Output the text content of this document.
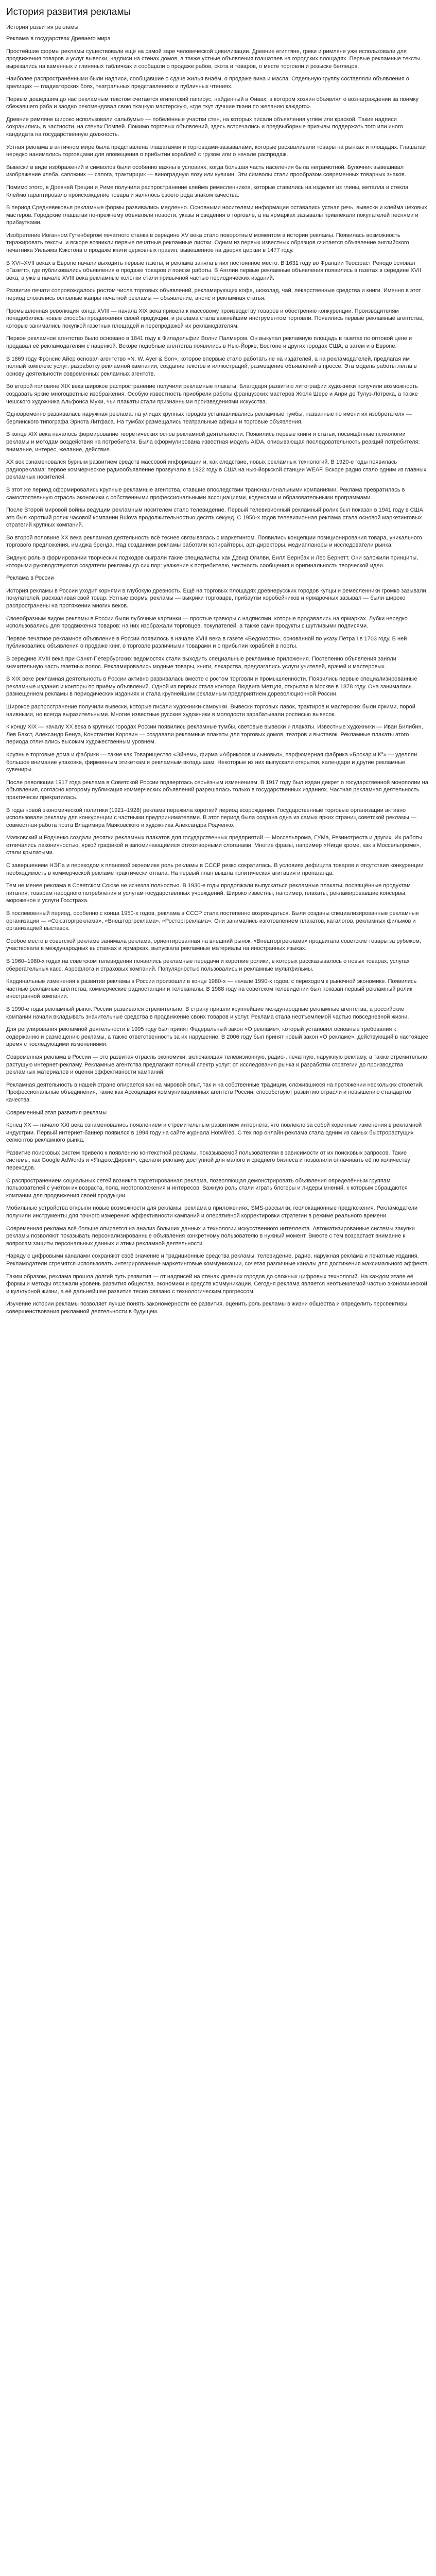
История развития рекламы
История развития рекламы

Реклама в государствах Древнего мира

Простейшие формы рекламы существовали ещё на самой заре человеческой цивилизации. Древние египтяне, греки и римляне уже использовали для продвижения товаров и услуг вывески, надписи на стенах домов, а также устные объявления глашатаев на городских площадях. Первые рекламные тексты вырезались на каменных и глиняных табличках и сообщали о продаже рабов, скота и товаров, о месте торговли и розыске беглецов.

Наиболее распространёнными были надписи, сообщавшие о сдаче жилья внаём, о продаже вина и масла. Отдельную группу составляли объявления о зрелищах — гладиаторских боях, театральных представлениях и публичных чтениях.

Первым дошедшим до нас рекламным текстом считается египетский папирус, найденный в Фивах, в котором хозяин объявлял о вознаграждении за поимку сбежавшего раба и заодно рекомендовал свою ткацкую мастерскую, «где ткут лучшие ткани по желанию каждого».

Древние римляне широко использовали «альбумы» — побелённые участки стен, на которых писали объявления углём или краской. Такие надписи сохранились, в частности, на стенах Помпей. Помимо торговых объявлений, здесь встречались и предвыборные призывы поддержать того или иного кандидата на государственную должность.

Устная реклама в античном мире была представлена глашатаями и торговцами-зазывалами, которые расхваливали товары на рынках и площадях. Глашатаи нередко нанимались торговцами для оповещения о прибытии кораблей с грузом или о начале распродаж.

Вывески в виде изображений и символов были особенно важны в условиях, когда большая часть населения была неграмотной. Булочник вывешивал изображение хлеба, сапожник — сапога, трактирщик — виноградную лозу или кувшин. Эти символы стали прообразом современных товарных знаков.

Помимо этого, в Древней Греции и Риме получили распространение клейма ремесленников, которые ставились на изделия из глины, металла и стекла. Клеймо гарантировало происхождение товара и являлось своего рода знаком качества.

В период Средневековья рекламные формы развивались медленно. Основными носителями информации оставались устная речь, вывески и клейма цеховых мастеров. Городские глашатаи по-прежнему объявляли новости, указы и сведения о торговле, а на ярмарках зазывалы привлекали покупателей песнями и прибаутками.

Изобретение Иоганном Гутенбергом печатного станка в середине XV века стало поворотным моментом в истории рекламы. Появилась возможность тиражировать тексты, и вскоре возникли первые печатные рекламные листки. Одним из первых известных образцов считается объявление английского печатника Уильяма Кэкстона о продаже книги церковных правил, вывешенное на дверях церкви в 1477 году.

В XVI–XVII веках в Европе начали выходить первые газеты, и реклама заняла в них постоянное место. В 1631 году во Франции Теофраст Ренодо основал «Газетт», где публиковались объявления о продаже товаров и поиске работы. В Англии первые рекламные объявления появились в газетах в середине XVII века, а уже в начале XVIII века рекламные колонки стали привычной частью периодических изданий.

Развитие печати сопровождалось ростом числа торговых объявлений, рекламирующих кофе, шоколад, чай, лекарственные средства и книги. Именно в этот период сложились основные жанры печатной рекламы — объявление, анонс и рекламная статья.

Промышленная революция конца XVIII — начала XIX века привела к массовому производству товаров и обострению конкуренции. Производителям понадобились новые способы продвижения своей продукции, и реклама стала важнейшим инструментом торговли. Появились первые рекламные агентства, которые занимались покупкой газетных площадей и перепродажей их рекламодателям.

Первое рекламное агентство было основано в 1841 году в Филадельфии Волни Палмером. Он выкупал рекламную площадь в газетах по оптовой цене и продавал её рекламодателям с наценкой. Вскоре подобные агентства появились в Нью-Йорке, Бостоне и других городах США, а затем и в Европе.

В 1869 году Фрэнсис Айер основал агентство «N. W. Ayer & Son», которое впервые стало работать не на издателей, а на рекламодателей, предлагая им полный комплекс услуг: разработку рекламной кампании, создание текстов и иллюстраций, размещение объявлений в прессе. Эта модель работы легла в основу деятельности современных рекламных агентств.

Во второй половине XIX века широкое распространение получили рекламные плакаты. Благодаря развитию литографии художники получили возможность создавать яркие многоцветные изображения. Особую известность приобрели работы французских мастеров Жюля Шере и Анри де Тулуз-Лотрека, а также чешского художника Альфонса Мухи, чьи плакаты стали признанными произведениями искусства.

Одновременно развивалась наружная реклама: на улицах крупных городов устанавливались рекламные тумбы, названные по имени их изобретателя — берлинского типографа Эрнста Литфаса. На тумбах размещались театральные афиши и торговые объявления.

В конце XIX века началось формирование теоретических основ рекламной деятельности. Появились первые книги и статьи, посвящённые психологии рекламы и методам воздействия на потребителя. Была сформулирована известная модель AIDA, описывающая последовательность реакций потребителя: внимание, интерес, желание, действие.

XX век ознаменовался бурным развитием средств массовой информации и, как следствие, новых рекламных технологий. В 1920-е годы появилась радиореклама: первое коммерческое радиообъявление прозвучало в 1922 году в США на нью-йоркской станции WEAF. Вскоре радио стало одним из главных рекламных носителей.

В этот же период сформировались крупные рекламные агентства, ставшие впоследствии транснациональными компаниями. Реклама превратилась в самостоятельную отрасль экономики с собственными профессиональными ассоциациями, кодексами и образовательными программами.

После Второй мировой войны ведущим рекламным носителем стало телевидение. Первый телевизионный рекламный ролик был показан в 1941 году в США: это был короткий ролик часовой компании Bulova продолжительностью десять секунд. С 1950-х годов телевизионная реклама стала основой маркетинговых стратегий крупных компаний.

Во второй половине XX века рекламная деятельность всё теснее связывалась с маркетингом. Появились концепции позиционирования товара, уникального торгового предложения, имиджа бренда. Над созданием рекламы работали копирайтеры, арт-директоры, медиапланеры и исследователи рынка.

Видную роль в формировании творческих подходов сыграли такие специалисты, как Дэвид Огилви, Билл Бернбах и Лео Бернетт. Они заложили принципы, которыми руководствуются создатели рекламы до сих пор: уважение к потребителю, честность сообщения и оригинальность творческой идеи.

Реклама в России

История рекламы в России уходит корнями в глубокую древность. Ещё на торговых площадях древнерусских городов купцы и ремесленники громко зазывали покупателей, расхваливая свой товар. Устные формы рекламы — выкрики торговцев, прибаутки коробейников и ярмарочных зазывал — были широко распространены на протяжении многих веков.

Своеобразным видом рекламы в России были лубочные картинки — простые гравюры с надписями, которые продавались на ярмарках. Лубки нередко использовались для продвижения товаров: на них изображали торговцев, покупателей, а также сами продукты с шутливыми подписями.

Первое печатное рекламное объявление в России появилось в начале XVIII века в газете «Ведомости», основанной по указу Петра I в 1703 году. В ней публиковались объявления о продаже книг, о торговле различными товарами и о прибытии кораблей в порты.

В середине XVIII века при Санкт-Петербургских ведомостях стали выходить специальные рекламные приложения. Постепенно объявления заняли значительную часть газетных полос. Рекламировались модные товары, книги, лекарства, предлагались услуги учителей, врачей и мастеровых.

В XIX веке рекламная деятельность в России активно развивалась вместе с ростом торговли и промышленности. Появились первые специализированные рекламные издания и конторы по приёму объявлений. Одной из первых стала контора Людвига Метцля, открытая в Москве в 1878 году. Она занималась размещением рекламы в периодических изданиях и стала крупнейшим рекламным предприятием дореволюционной России.

Широкое распространение получили вывески, которые писали художники-самоучки. Вывески торговых лавок, трактиров и мастерских были яркими, порой наивными, но всегда выразительными. Многие известные русские художники в молодости зарабатывали росписью вывесок.

К концу XIX — началу XX века в крупных городах России появились рекламные тумбы, световые вывески и плакаты. Известные художники — Иван Билибин, Лев Бакст, Александр Бенуа, Константин Коровин — создавали рекламные плакаты для торговых домов, театров и выставок. Рекламные плакаты этого периода отличались высоким художественным уровнем.

Крупные торговые дома и фабрики — такие как Товарищество «Эйнем», фирма «Абрикосов и сыновья», парфюмерная фабрика «Брокар и К°» — уделяли большое внимание упаковке, фирменным этикеткам и рекламным вкладышам. Некоторые из них выпускали открытки, календари и другие рекламные сувениры.

После революции 1917 года реклама в Советской России подверглась серьёзным изменениям. В 1917 году был издан декрет о государственной монополии на объявления, согласно которому публикация коммерческих объявлений разрешалась только в государственных изданиях. Частная рекламная деятельность практически прекратилась.

В годы новой экономической политики (1921–1928) реклама пережила короткий период возрождения. Государственные торговые организации активно использовали рекламу для конкуренции с частными предпринимателями. В этот период была создана одна из самых ярких страниц советской рекламы — совместная работа поэта Владимира Маяковского и художника Александра Родченко.

Маяковский и Родченко создали десятки рекламных плакатов для государственных предприятий — Моссельпрома, ГУМа, Резинотреста и других. Их работы отличались лаконичностью, яркой графикой и запоминающимися стихотворными слоганами. Многие фразы, например «Нигде кроме, как в Моссельпроме», стали крылатыми.

С завершением НЭПа и переходом к плановой экономике роль рекламы в СССР резко сократилась. В условиях дефицита товаров и отсутствия конкуренции необходимость в коммерческой рекламе практически отпала. На первый план вышла политическая агитация и пропаганда.

Тем не менее реклама в Советском Союзе не исчезла полностью. В 1930-е годы продолжали выпускаться рекламные плакаты, посвящённые продуктам питания, товарам народного потребления и услугам государственных учреждений. Широко известны, например, плакаты, рекламировавшие консервы, мороженое и услуги Госстраха.

В послевоенный период, особенно с конца 1950-х годов, реклама в СССР стала постепенно возрождаться. Были созданы специализированные рекламные организации — «Союзторгреклама», «Внешторгреклама», «Росторгреклама». Они занимались изготовлением плакатов, каталогов, рекламных фильмов и организацией выставок.

Особое место в советской рекламе занимала реклама, ориентированная на внешний рынок. «Внешторгреклама» продвигала советские товары за рубежом, участвовала в международных выставках и ярмарках, выпускала рекламные материалы на иностранных языках.

В 1960–1980-х годах на советском телевидении появились рекламные передачи и короткие ролики, в которых рассказывалось о новых товарах, услугах сберегательных касс, Аэрофлота и страховых компаний. Популярностью пользовались и рекламные мультфильмы.

Кардинальные изменения в развитии рекламы в России произошли в конце 1980-х — начале 1990-х годов, с переходом к рыночной экономике. Появились частные рекламные агентства, коммерческие радиостанции и телеканалы. В 1988 году на советском телевидении был показан первый рекламный ролик иностранной компании.

В 1990-е годы рекламный рынок России развивался стремительно. В страну пришли крупнейшие международные рекламные агентства, а российские компании начали вкладывать значительные средства в продвижение своих товаров и услуг. Реклама стала неотъемлемой частью повседневной жизни.

Для регулирования рекламной деятельности в 1995 году был принят Федеральный закон «О рекламе», который установил основные требования к содержанию и размещению рекламы, а также ответственность за их нарушение. В 2006 году был принят новый закон «О рекламе», действующий в настоящее время с последующими изменениями.

Современная реклама в России — это развитая отрасль экономики, включающая телевизионную, радио-, печатную, наружную рекламу, а также стремительно растущую интернет-рекламу. Рекламные агентства предлагают полный спектр услуг: от исследования рынка и разработки стратегии до производства рекламных материалов и оценки эффективности кампаний.

Рекламная деятельность в нашей стране опирается как на мировой опыт, так и на собственные традиции, сложившиеся на протяжении нескольких столетий. Профессиональные объединения, такие как Ассоциация коммуникационных агентств России, способствуют развитию отрасли и повышению стандартов качества.

Современный этап развития рекламы

Конец XX — начало XXI века ознаменовались появлением и стремительным развитием интернета, что повлекло за собой коренные изменения в рекламной индустрии. Первый интернет-баннер появился в 1994 году на сайте журнала HotWired. С тех пор онлайн-реклама стала одним из самых быстрорастущих сегментов рекламного рынка.

Развитие поисковых систем привело к появлению контекстной рекламы, показываемой пользователям в зависимости от их поисковых запросов. Такие системы, как Google AdWords и «Яндекс.Директ», сделали рекламу доступной для малого и среднего бизнеса и позволили оплачивать её по количеству переходов.

С распространением социальных сетей возникла таргетированная реклама, позволяющая демонстрировать объявления определённым группам пользователей с учётом их возраста, пола, местоположения и интересов. Важную роль стали играть блогеры и лидеры мнений, к которым обращаются компании для продвижения своей продукции.

Мобильные устройства открыли новые возможности для рекламы: реклама в приложениях, SMS-рассылки, геолокационные предложения. Рекламодатели получили инструменты для точного измерения эффективности кампаний и оперативной корректировки стратегии в режиме реального времени.

Современная реклама всё больше опирается на анализ больших данных и технологии искусственного интеллекта. Автоматизированные системы закупки рекламы позволяют показывать персонализированные объявления конкретному пользователю в нужный момент. Вместе с тем возрастает внимание к вопросам защиты персональных данных и этики рекламной деятельности.

Наряду с цифровыми каналами сохраняют своё значение и традиционные средства рекламы: телевидение, радио, наружная реклама и печатные издания. Рекламодатели стремятся использовать интегрированные маркетинговые коммуникации, сочетая различные каналы для достижения максимального эффекта.

Таким образом, реклама прошла долгий путь развития — от надписей на стенах древних городов до сложных цифровых технологий. На каждом этапе её формы и методы отражали уровень развития общества, экономики и средств коммуникации. Сегодня реклама является неотъемлемой частью экономической и культурной жизни, а её дальнейшее развитие тесно связано с технологическим прогрессом.

Изучение истории рекламы позволяет лучше понять закономерности её развития, оценить роль рекламы в жизни общества и определить перспективы совершенствования рекламной деятельности в будущем.
